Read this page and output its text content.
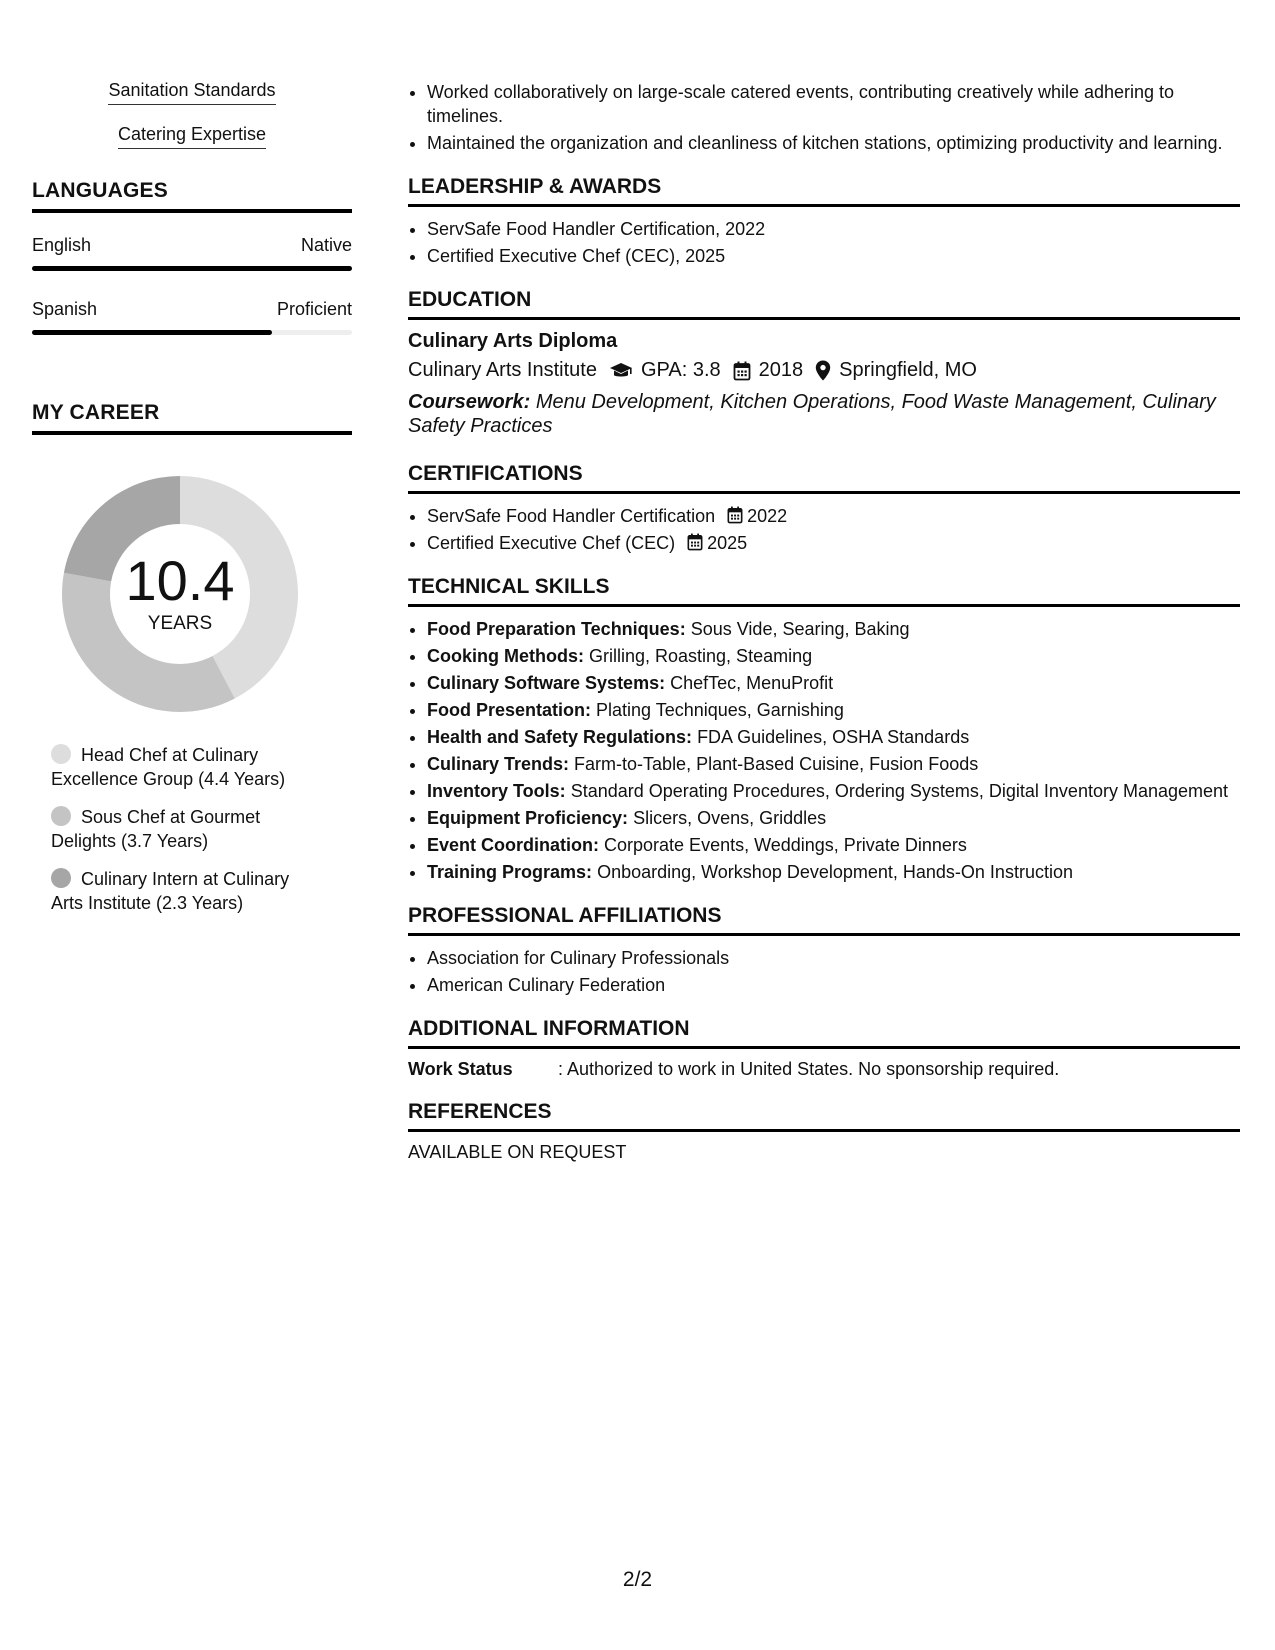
Sanitation Standards
Catering Expertise
LANGUAGES
English	Native
Spanish	Proficient
MY CAREER
10.4
YEARS
Head Chef at Culinary Excellence Group (4.4 Years)
Sous Chef at Gourmet Delights (3.7 Years)
Culinary Intern at Culinary Arts Institute (2.3 Years)
• Worked collaboratively on large-scale catered events, contributing creatively while adhering to timelines.
• Maintained the organization and cleanliness of kitchen stations, optimizing productivity and learning.
LEADERSHIP & AWARDS
• ServSafe Food Handler Certification, 2022
• Certified Executive Chef (CEC), 2025
EDUCATION
Culinary Arts Diploma
Culinary Arts Institute GPA: 3.8 2018 Springfield, MO
Coursework: Menu Development, Kitchen Operations, Food Waste Management, Culinary Safety Practices
CERTIFICATIONS
• ServSafe Food Handler Certification 2022
• Certified Executive Chef (CEC) 2025
TECHNICAL SKILLS
• Food Preparation Techniques: Sous Vide, Searing, Baking
• Cooking Methods: Grilling, Roasting, Steaming
• Culinary Software Systems: ChefTec, MenuProfit
• Food Presentation: Plating Techniques, Garnishing
• Health and Safety Regulations: FDA Guidelines, OSHA Standards
• Culinary Trends: Farm-to-Table, Plant-Based Cuisine, Fusion Foods
• Inventory Tools: Standard Operating Procedures, Ordering Systems, Digital Inventory Management
• Equipment Proficiency: Slicers, Ovens, Griddles
• Event Coordination: Corporate Events, Weddings, Private Dinners
• Training Programs: Onboarding, Workshop Development, Hands-On Instruction
PROFESSIONAL AFFILIATIONS
• Association for Culinary Professionals
• American Culinary Federation
ADDITIONAL INFORMATION
Work Status	: Authorized to work in United States. No sponsorship required.
REFERENCES
AVAILABLE ON REQUEST
2/2
